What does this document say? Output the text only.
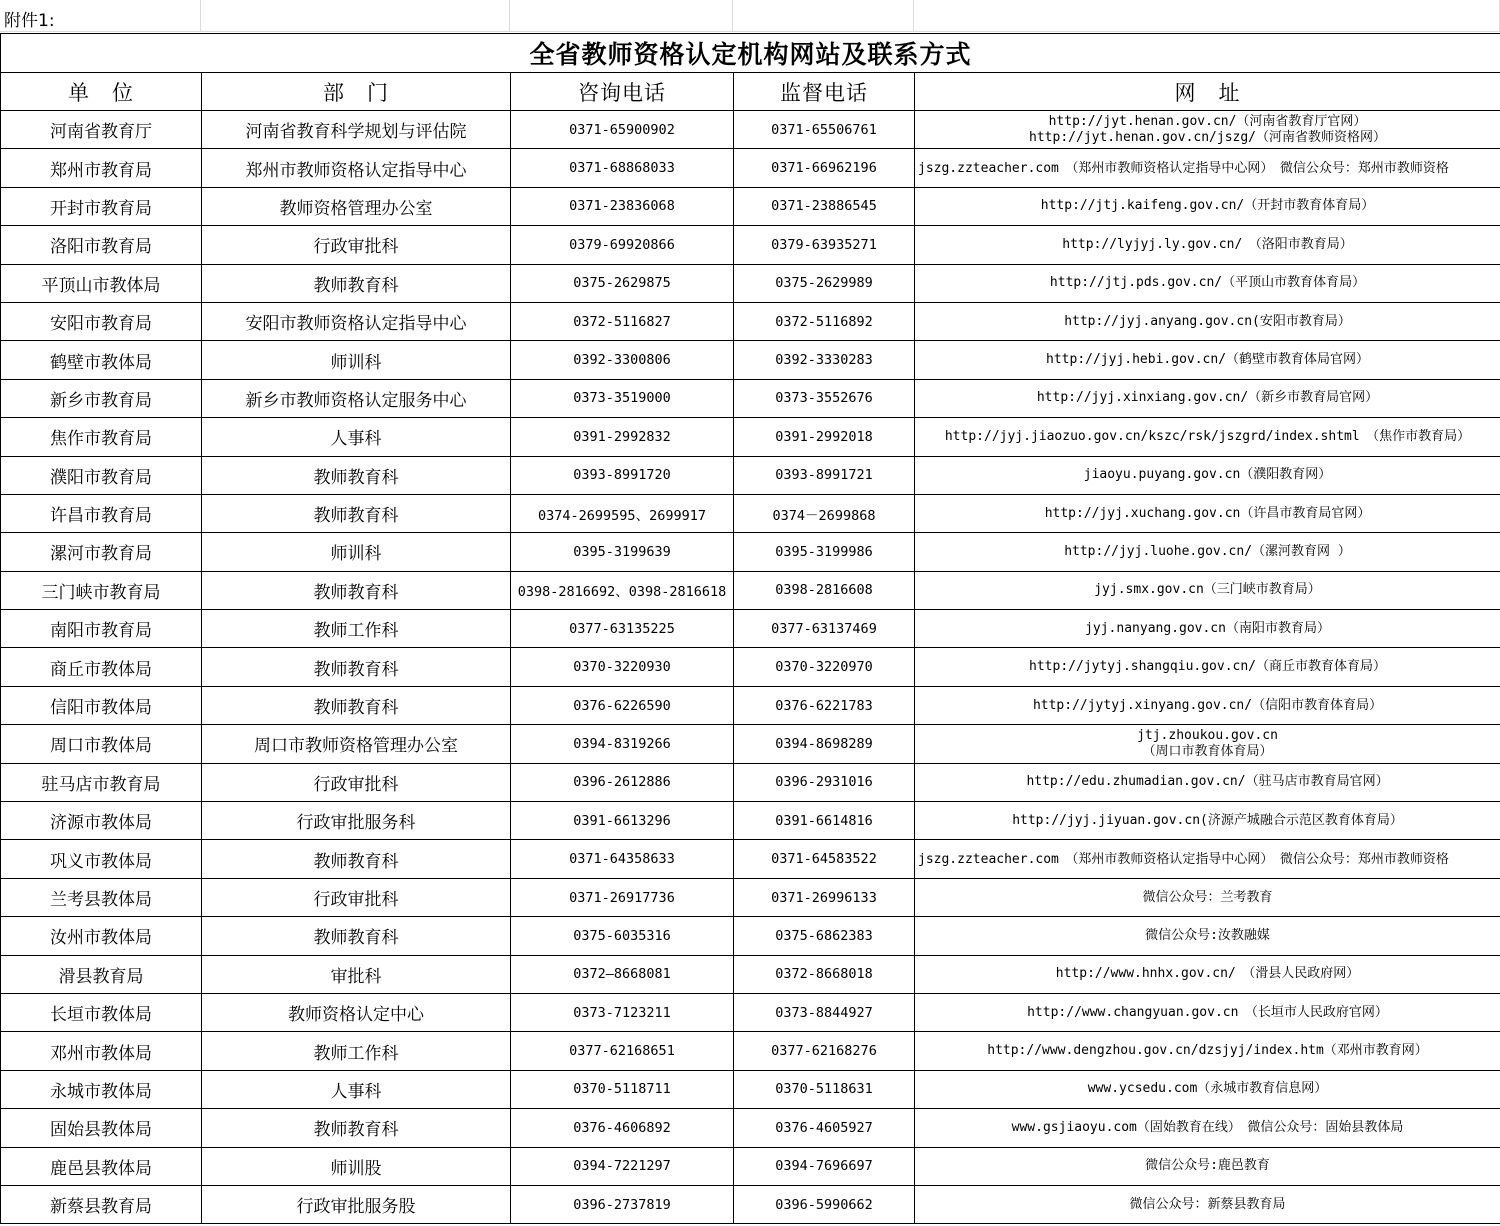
附件1:
全省教师资格认定机构网站及联系方式				
单　位	部　门	咨询电话	监督电话	网　址
河南省教育厅	河南省教育科学规划与评估院	0371-65900902	0371-65506761	http://jyt.henan.gov.cn/（河南省教育厅官网）
http://jyt.henan.gov.cn/jszg/（河南省教师资格网）

郑州市教育局	郑州市教师资格认定指导中心	0371-68868033	0371-66962196	jszg.zzteacher.com　（郑州市教师资格认定指导中心网）　微信公众号：郑州市教师资格
开封市教育局	教师资格管理办公室	0371-23836068	0371-23886545	http://jtj.kaifeng.gov.cn/（开封市教育体育局）
洛阳市教育局	行政审批科	0379-69920866	0379-63935271	http://lyjyj.ly.gov.cn/　（洛阳市教育局）
平顶山市教体局	教师教育科	0375-2629875	0375-2629989	http://jtj.pds.gov.cn/（平顶山市教育体育局）
安阳市教育局	安阳市教师资格认定指导中心	0372-5116827	0372-5116892	http://jyj.anyang.gov.cn(安阳市教育局）
鹤壁市教体局	师训科	0392-3300806	0392-3330283	http://jyj.hebi.gov.cn/（鹤壁市教育体局官网）
新乡市教育局	新乡市教师资格认定服务中心	0373-3519000	0373-3552676	http://jyj.xinxiang.gov.cn/（新乡市教育局官网）
焦作市教育局	人事科	0391-2992832	0391-2992018	http://jyj.jiaozuo.gov.cn/kszc/rsk/jszgrd/index.shtml　（焦作市教育局）
濮阳市教育局	教师教育科	0393-8991720	0393-8991721	jiaoyu.puyang.gov.cn（濮阳教育网）
许昌市教育局	教师教育科	0374-2699595、2699917	0374－2699868	http://jyj.xuchang.gov.cn（许昌市教育局官网）
漯河市教育局	师训科	0395-3199639	0395-3199986	http://jyj.luohe.gov.cn/（漯河教育网 ）
三门峡市教育局	教师教育科	0398-2816692、0398-2816618	0398-2816608	jyj.smx.gov.cn（三门峡市教育局）
南阳市教育局	教师工作科	0377-63135225	0377-63137469	jyj.nanyang.gov.cn（南阳市教育局）
商丘市教体局	教师教育科	0370-3220930	0370-3220970	http://jytyj.shangqiu.gov.cn/（商丘市教育体育局）
信阳市教体局	教师教育科	0376-6226590	0376-6221783	http://jytyj.xinyang.gov.cn/（信阳市教育体育局）
周口市教体局	周口市教师资格管理办公室	0394-8319266	0394-8698289	jtj.zhoukou.gov.cn
（周口市教育体育局）

驻马店市教育局	行政审批科	0396-2612886	0396-2931016	http://edu.zhumadian.gov.cn/（驻马店市教育局官网）
济源市教体局	行政审批服务科	0391-6613296	0391-6614816	http://jyj.jiyuan.gov.cn(济源产城融合示范区教育体育局）
巩义市教体局	教师教育科	0371-64358633	0371-64583522	jszg.zzteacher.com　（郑州市教师资格认定指导中心网）　微信公众号：郑州市教师资格
兰考县教体局	行政审批科	0371-26917736	0371-26996133	微信公众号：兰考教育
汝州市教体局	教师教育科	0375-6035316	0375-6862383	微信公众号:汝教融媒
滑县教育局	审批科	0372—8668081	0372-8668018	http://www.hnhx.gov.cn/　（滑县人民政府网）
长垣市教体局	教师资格认定中心	0373-7123211	0373-8844927	http://www.changyuan.gov.cn　（长垣市人民政府官网）
邓州市教体局	教师工作科	0377-62168651	0377-62168276	http://www.dengzhou.gov.cn/dzsjyj/index.htm（邓州市教育网）
永城市教体局	人事科	0370-5118711	0370-5118631	www.ycsedu.com（永城市教育信息网）
固始县教体局	教师教育科	0376-4606892	0376-4605927	www.gsjiaoyu.com（固始教育在线）　微信公众号：固始县教体局
鹿邑县教体局	师训股	0394-7221297	0394-7696697	微信公众号:鹿邑教育
新蔡县教育局	行政审批服务股	0396-2737819	0396-5990662	微信公众号：新蔡县教育局
